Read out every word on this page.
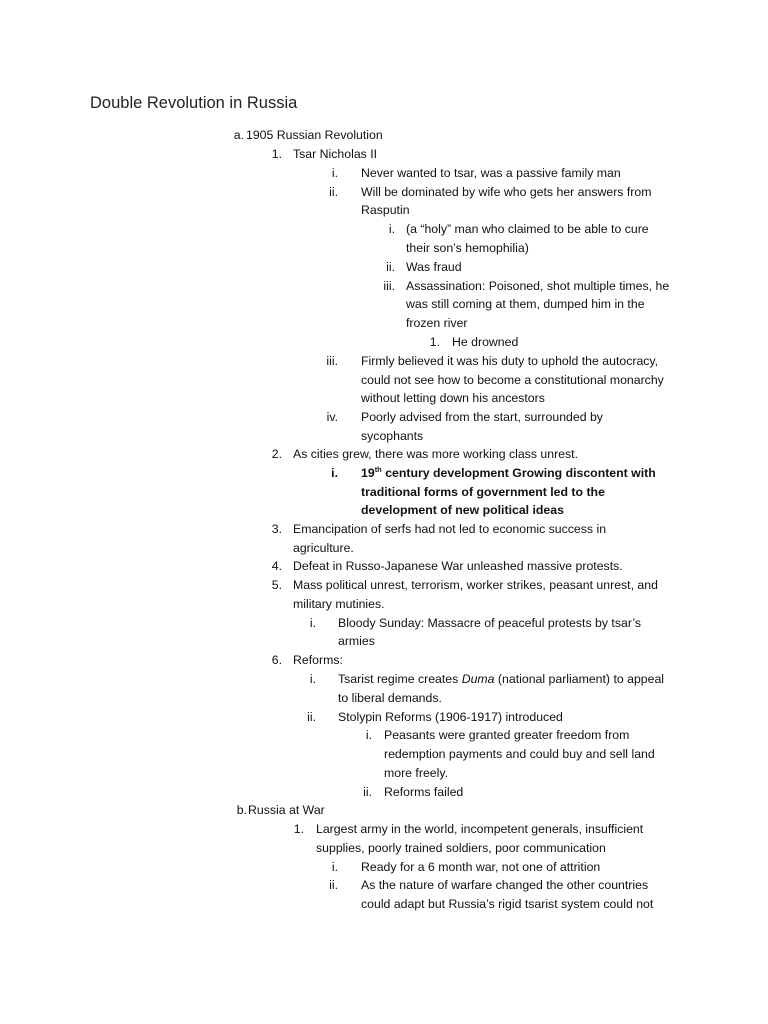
Double Revolution in Russia
a. 1905 Russian Revolution
1. Tsar Nicholas II
i. Never wanted to tsar, was a passive family man
ii. Will be dominated by wife who gets her answers from
Rasputin
i. (a “holy” man who claimed to be able to cure
their son’s hemophilia)
ii. Was fraud
iii. Assassination: Poisoned, shot multiple times, he
was still coming at them, dumped him in the
frozen river
1. He drowned
iii. Firmly believed it was his duty to uphold the autocracy,
could not see how to become a constitutional monarchy
without letting down his ancestors
iv. Poorly advised from the start, surrounded by
sycophants
2. As cities grew, there was more working class unrest.
i. 19th century development Growing discontent with
traditional forms of government led to the
development of new political ideas
3. Emancipation of serfs had not led to economic success in
agriculture.
4. Defeat in Russo-Japanese War unleashed massive protests.
5. Mass political unrest, terrorism, worker strikes, peasant unrest, and
military mutinies.
i. Bloody Sunday: Massacre of peaceful protests by tsar’s
armies
6. Reforms:
i. Tsarist regime creates Duma (national parliament) to appeal
to liberal demands.
ii. Stolypin Reforms (1906-1917) introduced
i. Peasants were granted greater freedom from
redemption payments and could buy and sell land
more freely.
ii. Reforms failed
b. Russia at War
1. Largest army in the world, incompetent generals, insufficient
supplies, poorly trained soldiers, poor communication
i. Ready for a 6 month war, not one of attrition
ii. As the nature of warfare changed the other countries
could adapt but Russia’s rigid tsarist system could not
